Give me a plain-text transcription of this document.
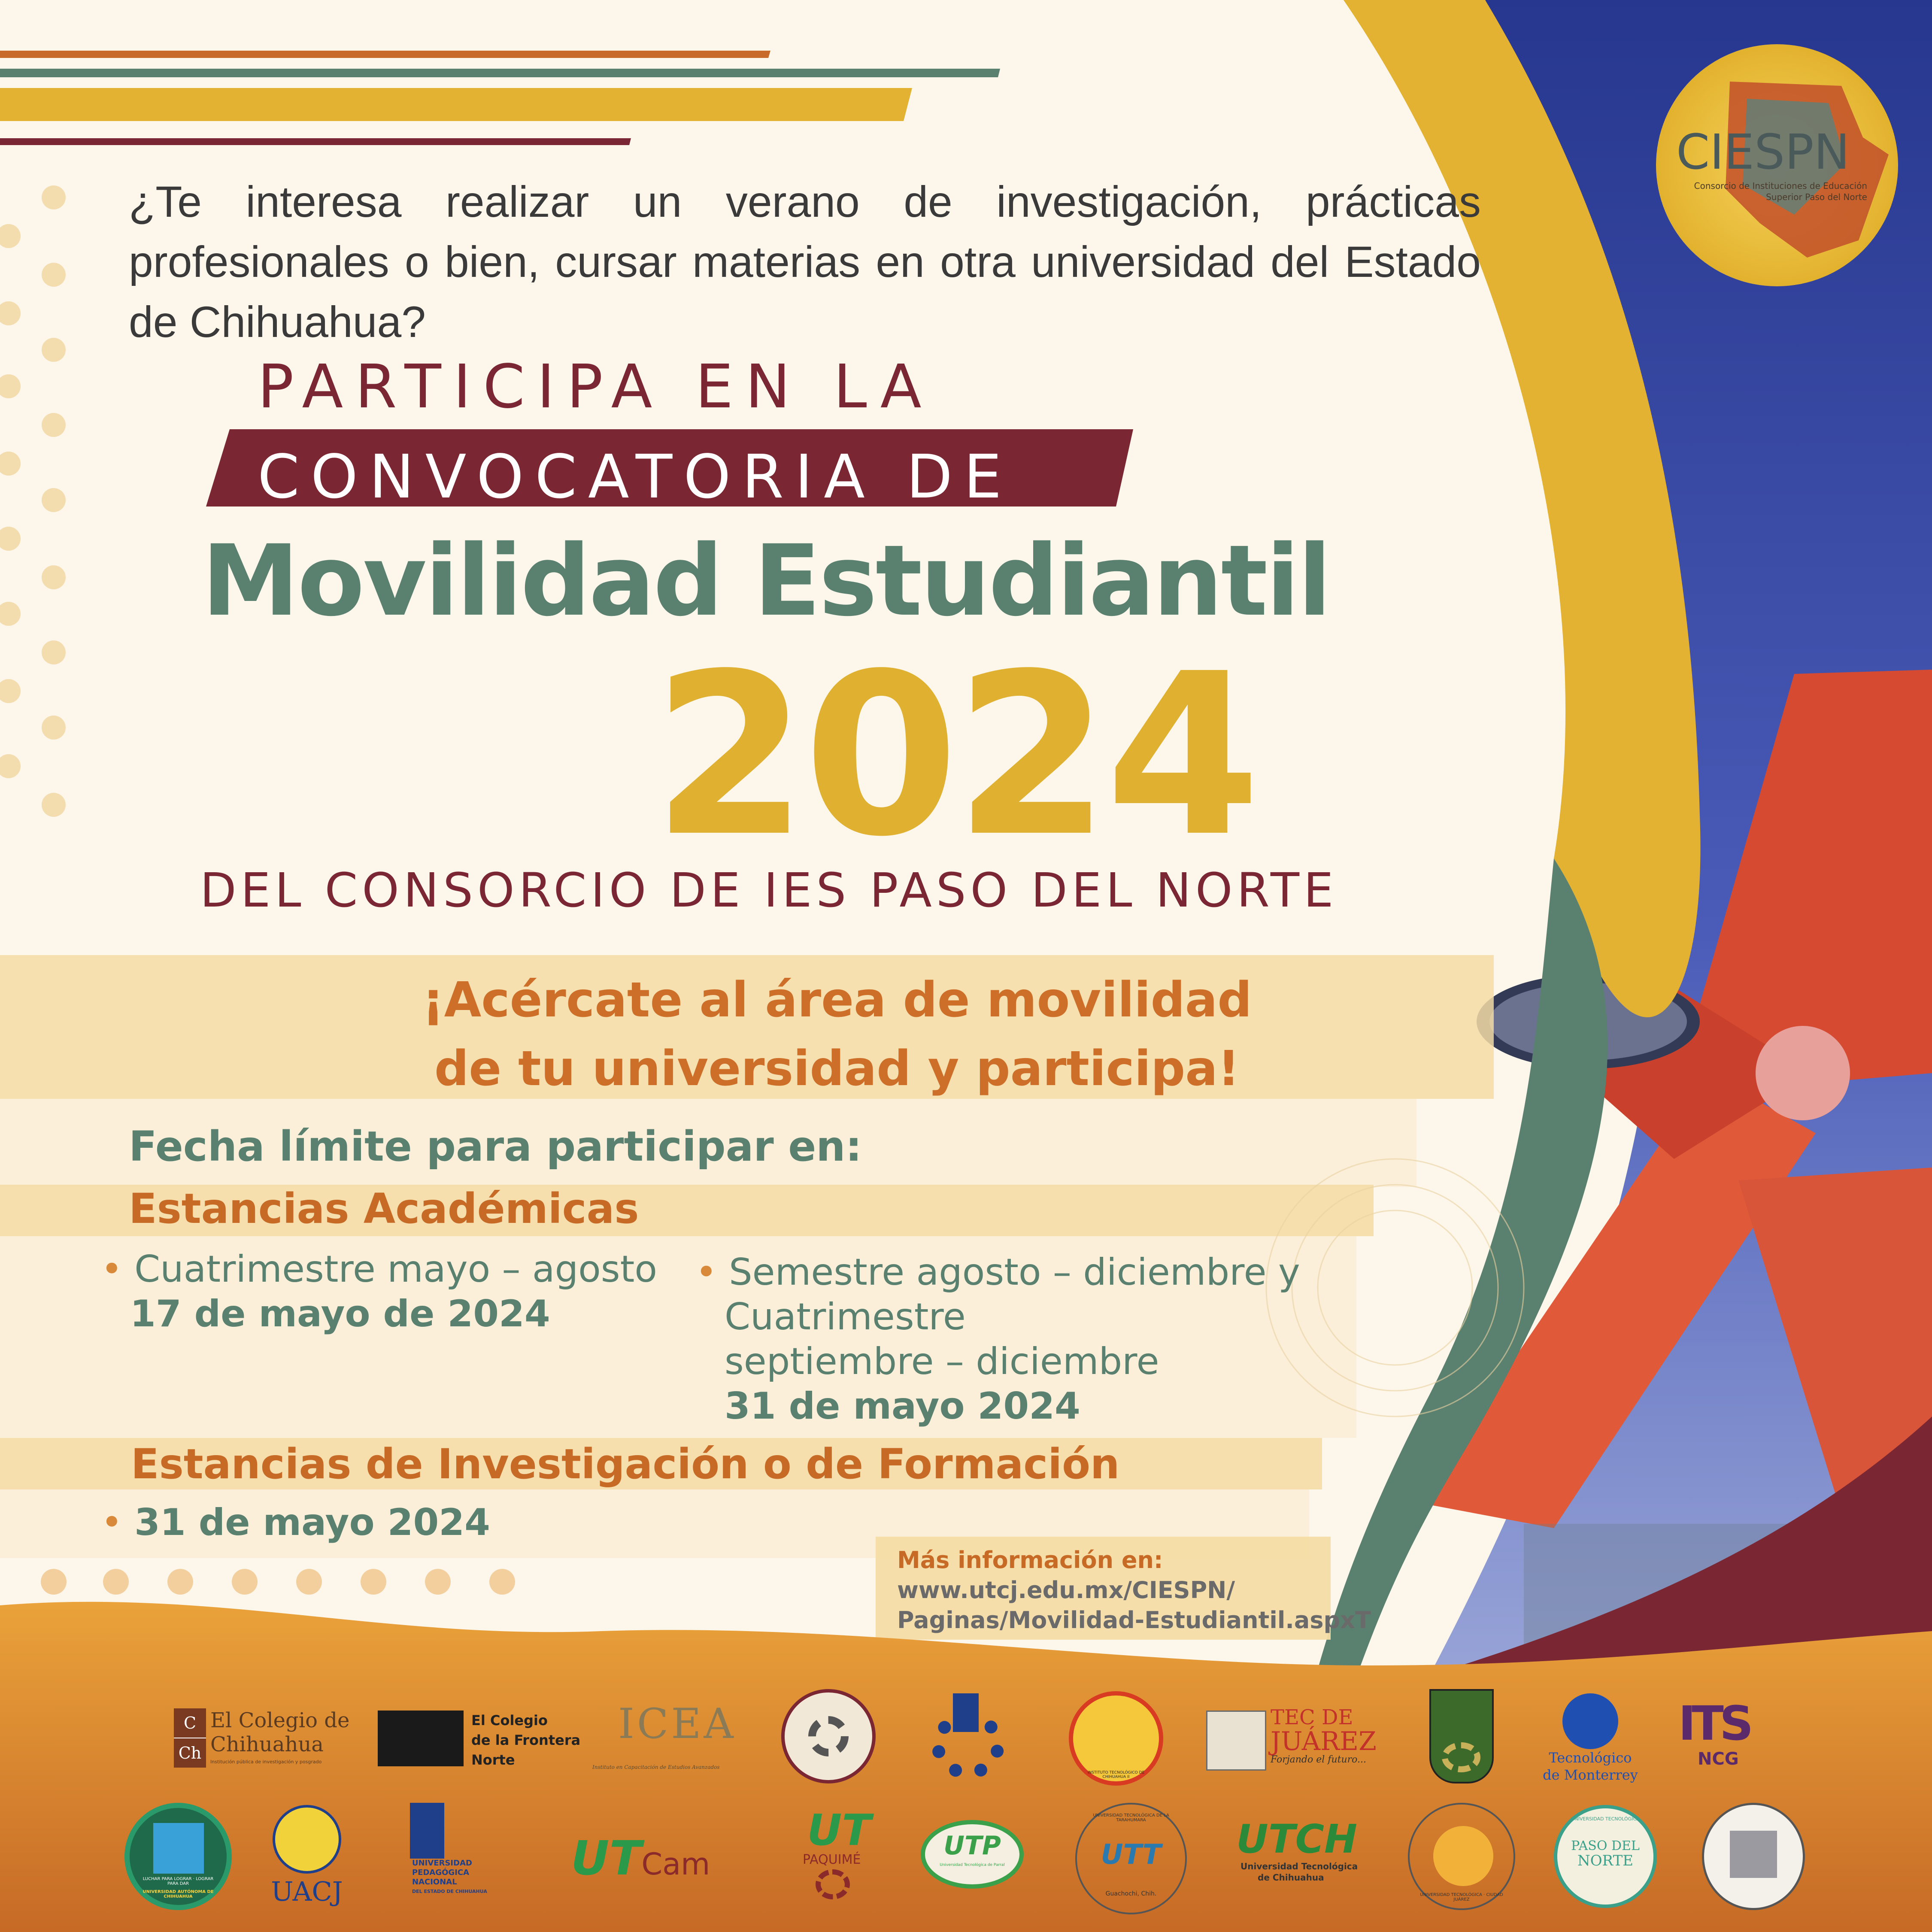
CIESPN
Consorcio de Instituciones de Educación
Superior Paso del Norte

¿Te interesa realizar un verano de investigación, prácticas profesionales o bien, cursar materias en otra universidad del Estado de Chihuahua?

PARTICIPA EN LA
CONVOCATORIA DE
Movilidad Estudiantil
2024
DEL CONSORCIO DE IES PASO DEL NORTE
¡Acércate al área de movilidad
de tu universidad y participa!
Fecha límite para participar en:
Estancias Académicas
• Cuatrimestre mayo – agosto
17 de mayo de 2024
• Semestre agosto – diciembre y
Cuatrimestre
septiembre – diciembre
31 de mayo 2024
Estancias de Investigación o de Formación
• 31 de mayo 2024
Más información en:
www.utcj.edu.mx/CIESPN/
Paginas/Movilidad-Estudiantil.aspxT
C
Ch
El Colegio de
Chihuahua
Institución pública de investigación y posgrado
El Colegio
de la Frontera
Norte
ICEA
Instituto en Capacitación de Estudios Avanzados
INSTITUTO TECNOLÓGICO DE CHIHUAHUA II
TEC DE
JUÁREZ
Forjando el futuro...	Tecnológico
de Monterrey
ITS
NCG
LUCHAR PARA LOGRAR · LOGRAR PARA DAR
UNIVERSIDAD AUTÓNOMA DE CHIHUAHUA	UACJ
UNIVERSIDAD
PEDAGÓGICA
NACIONAL
DEL ESTADO DE CHIHUAHUA
UTCam
UT
PAQUIMÉ	UTP
Universidad Tecnológica de Parral	UTT
UNIVERSIDAD TECNOLÓGICA DE LA TARAHUMARA
Guachochi, Chih.
UTCH
Universidad Tecnológica
de Chihuahua
UNIVERSIDAD TECNOLÓGICA · CIUDAD JUÁREZ
UNIVERSIDAD TECNOLÓGICA
PASO DEL
NORTE
